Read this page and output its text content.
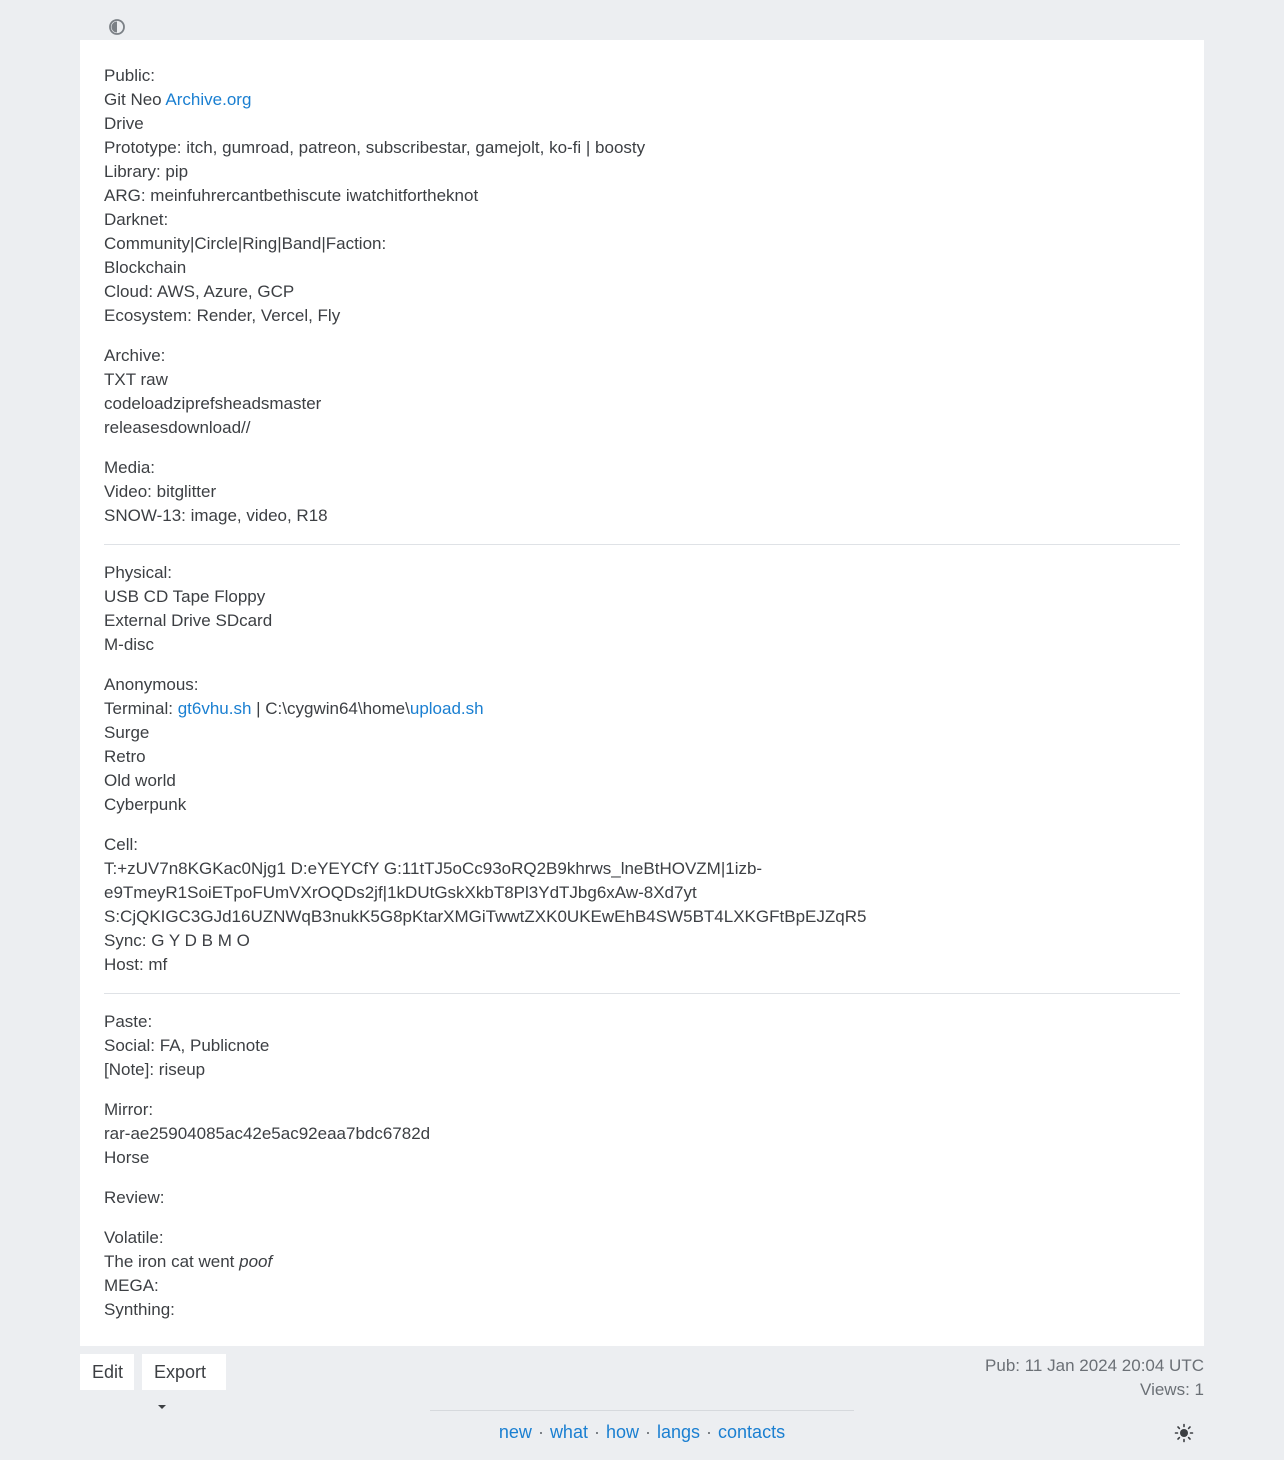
Public:
Git Neo Archive.org
Drive
Prototype: itch, gumroad, patreon, subscribestar, gamejolt, ko-fi | boosty
Library: pip
ARG: meinfuhrercantbethiscute iwatchitfortheknot
Darknet:
Community|Circle|Ring|Band|Faction:
Blockchain
Cloud: AWS, Azure, GCP
Ecosystem: Render, Vercel, Fly
Archive:
TXT raw
codeloadziprefsheadsmaster
releasesdownload//
Media:
Video: bitglitter
SNOW-13: image, video, R18
Physical:
USB CD Tape Floppy
External Drive SDcard
M-disc
Anonymous:
Terminal: gt6vhu.sh | C:\cygwin64\home\upload.sh
Surge
Retro
Old world
Cyberpunk
Cell:
T:+zUV7n8KGKac0Njg1 D:eYEYCfY G:11tTJ5oCc93oRQ2B9khrws_lneBtHOVZM|1izb-
e9TmeyR1SoiETpoFUmVXrOQDs2jf|1kDUtGskXkbT8Pl3YdTJbg6xAw-8Xd7yt
S:CjQKIGC3GJd16UZNWqB3nukK5G8pKtarXMGiTwwtZXK0UKEwEhB4SW5BT4LXKGFtBpEJZqR5
Sync: G Y D B M O
Host: mf
Paste:
Social: FA, Publicnote
[Note]: riseup
Mirror:
rar-ae25904085ac42e5ac92eaa7bdc6782d
Horse
Review:
Volatile:
The iron cat went poof
MEGA:
Synthing:
Edit	Export	Pub: 11 Jan 2024 20:04 UTC
Views: 1
new · what · how · langs · contacts
